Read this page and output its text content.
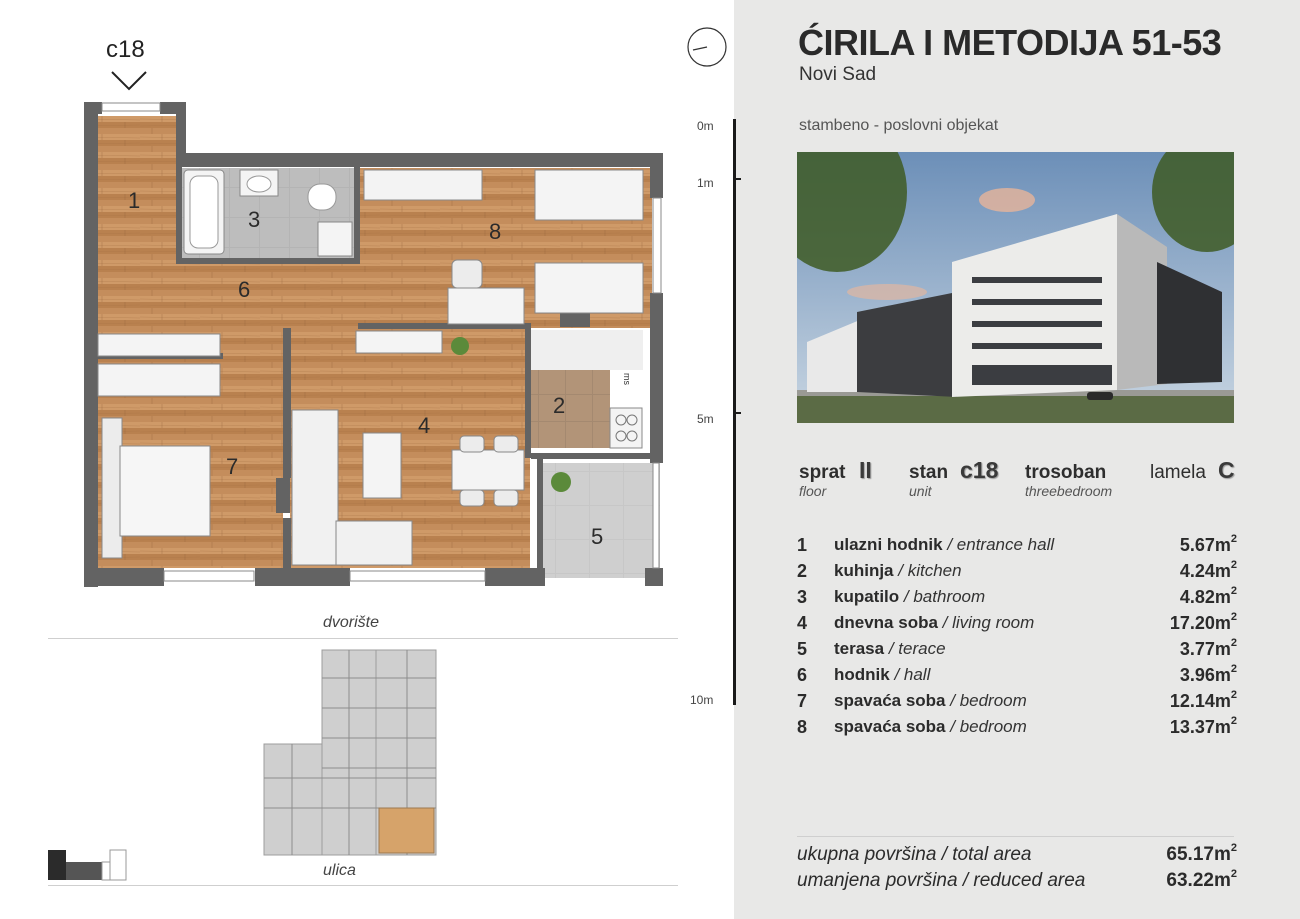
c18
1
3	8
6
2
4
7
5
ms
dvorište
ulica
0m
1m
5m
10m
ĆIRILA I METODIJA 51-53
Novi Sad
stambeno - poslovni objekat
sprat
floor
II stan
unit
c18 trosoban
threebedroom
lamela C
1 ulazni hodnik / entrance hall	$5.67m^2$
2 kuhinja / kitchen	$4.24m^2$
3 kupatilo / bathroom	$4.82m^2$
4 dnevna soba / living room	$17.20m^2$
5 terasa / terace	$3.77m^2$
6 hodnik / hall	$3.96m^2$
7 spavaća soba / bedroom	$12.14m^2$
8 spavaća soba / bedroom	$13.37m^2$
ukupna površina / total area	$65.17m^2$
umanjena površina / reduced area	$63.22m^2$
